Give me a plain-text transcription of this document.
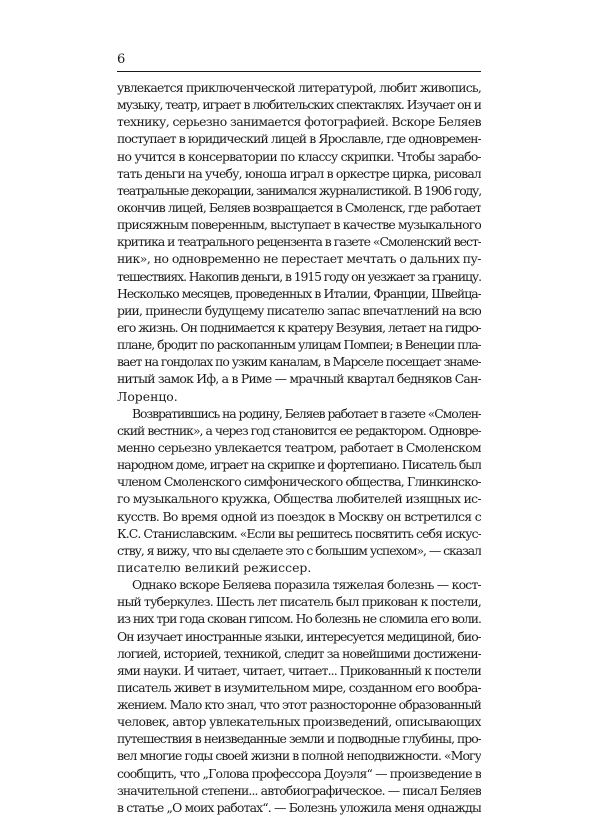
6
увлекается приключенческой литературой, любит живопись,
музыку, театр, играет в любительских спектаклях. Изучает он и
технику, серьезно занимается фотографией. Вскоре Беляев
поступает в юридический лицей в Ярославле, где одновремен-
но учится в консерватории по классу скрипки. Чтобы зарабо-
тать деньги на учебу, юноша играл в оркестре цирка, рисовал
театральные декорации, занимался журналистикой. В 1906 году,
окончив лицей, Беляев возвращается в Смоленск, где работает
присяжным поверенным, выступает в качестве музыкального
критика и театрального рецензента в газете «Смоленский вест-
ник», но одновременно не перестает мечтать о дальних пу-
тешествиях. Накопив деньги, в 1915 году он уезжает за границу.
Несколько месяцев, проведенных в Италии, Франции, Швейца-
рии, принесли будущему писателю запас впечатлений на всю
его жизнь. Он поднимается к кратеру Везувия, летает на гидро-
плане, бродит по раскопанным улицам Помпеи; в Венеции пла-
вает на гондолах по узким каналам, в Марселе посещает знаме-
нитый замок Иф, а в Риме — мрачный квартал бедняков Сан-
Лоренцо.
Возвратившись на родину, Беляев работает в газете «Смолен-
ский вестник», а через год становится ее редактором. Одновре-
менно серьезно увлекается театром, работает в Смоленском
народном доме, играет на скрипке и фортепиано. Писатель был
членом Смоленского симфонического общества, Глинкинско-
го музыкального кружка, Общества любителей изящных ис-
кусств. Во время одной из поездок в Москву он встретился с
К.С. Станиславским. «Если вы решитесь посвятить себя искус-
ству, я вижу, что вы сделаете это с большим успехом», — сказал
писателю великий режиссер.
Однако вскоре Беляева поразила тяжелая болезнь — кост-
ный туберкулез. Шесть лет писатель был прикован к постели,
из них три года скован гипсом. Но болезнь не сломила его воли.
Он изучает иностранные языки, интересуется медициной, био-
логией, историей, техникой, следит за новейшими достижени-
ями науки. И читает, читает, читает... Прикованный к постели
писатель живет в изумительном мире, созданном его вообра-
жением. Мало кто знал, что этот разносторонне образованный
человек, автор увлекательных произведений, описывающих
путешествия в неизведанные земли и подводные глубины, про-
вел многие годы своей жизни в полной неподвижности. «Могу
сообщить, что „Голова профессора Доуэля“ — произведение в
значительной степени... автобиографическое. — писал Беляев
в статье „О моих работах“. — Болезнь уложила меня однажды
